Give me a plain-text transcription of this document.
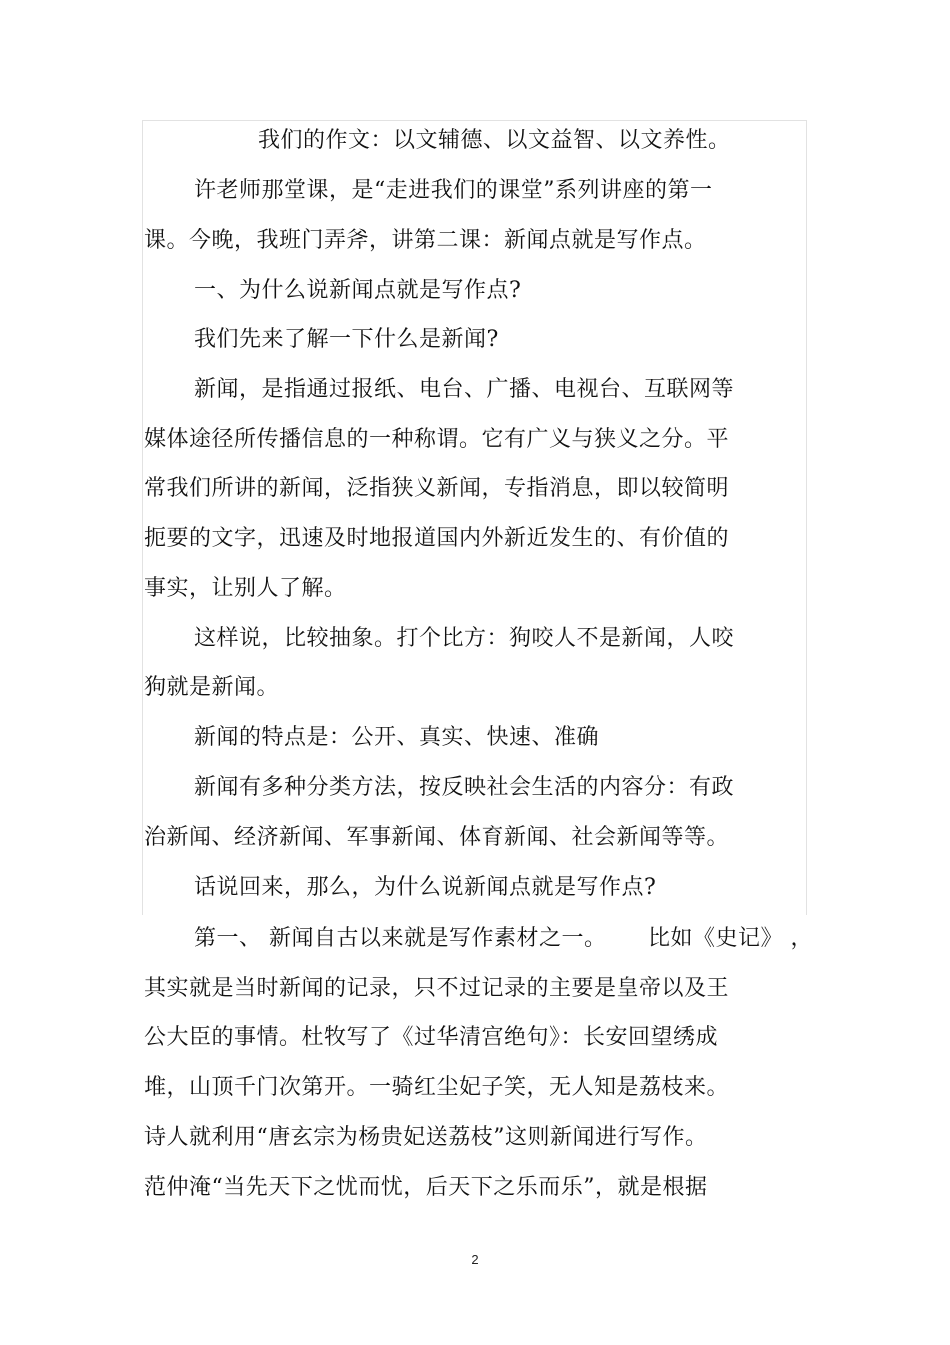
我们的作文：以文辅德、以文益智、以文养性。
许老师那堂课，是“走进我们的课堂”系列讲座的第一
课。今晚，我班门弄斧，讲第二课：新闻点就是写作点。
一、为什么说新闻点就是写作点?
我们先来了解一下什么是新闻?
新闻，是指通过报纸、电台、广播、电视台、互联网等
媒体途径所传播信息的一种称谓。它有广义与狭义之分。平
常我们所讲的新闻，泛指狭义新闻，专指消息，即以较简明
扼要的文字，迅速及时地报道国内外新近发生的、有价值的
事实，让别人了解。
这样说，比较抽象。打个比方：狗咬人不是新闻，人咬
狗就是新闻。
新闻的特点是：公开、真实、快速、准确
新闻有多种分类方法，按反映社会生活的内容分：有政
治新闻、经济新闻、军事新闻、体育新闻、社会新闻等等。
话说回来，那么，为什么说新闻点就是写作点?
第一、 新闻自古以来就是写作素材之一。 比如《史记》 ，
其实就是当时新闻的记录，只不过记录的主要是皇帝以及王
公大臣的事情。杜牧写了《过华清宫绝句》：长安回望绣成
堆，山顶千门次第开。一骑红尘妃子笑，无人知是荔枝来。
诗人就利用“唐玄宗为杨贵妃送荔枝”这则新闻进行写作。
范仲淹“当先天下之忧而忧，后天下之乐而乐”，就是根据
2
